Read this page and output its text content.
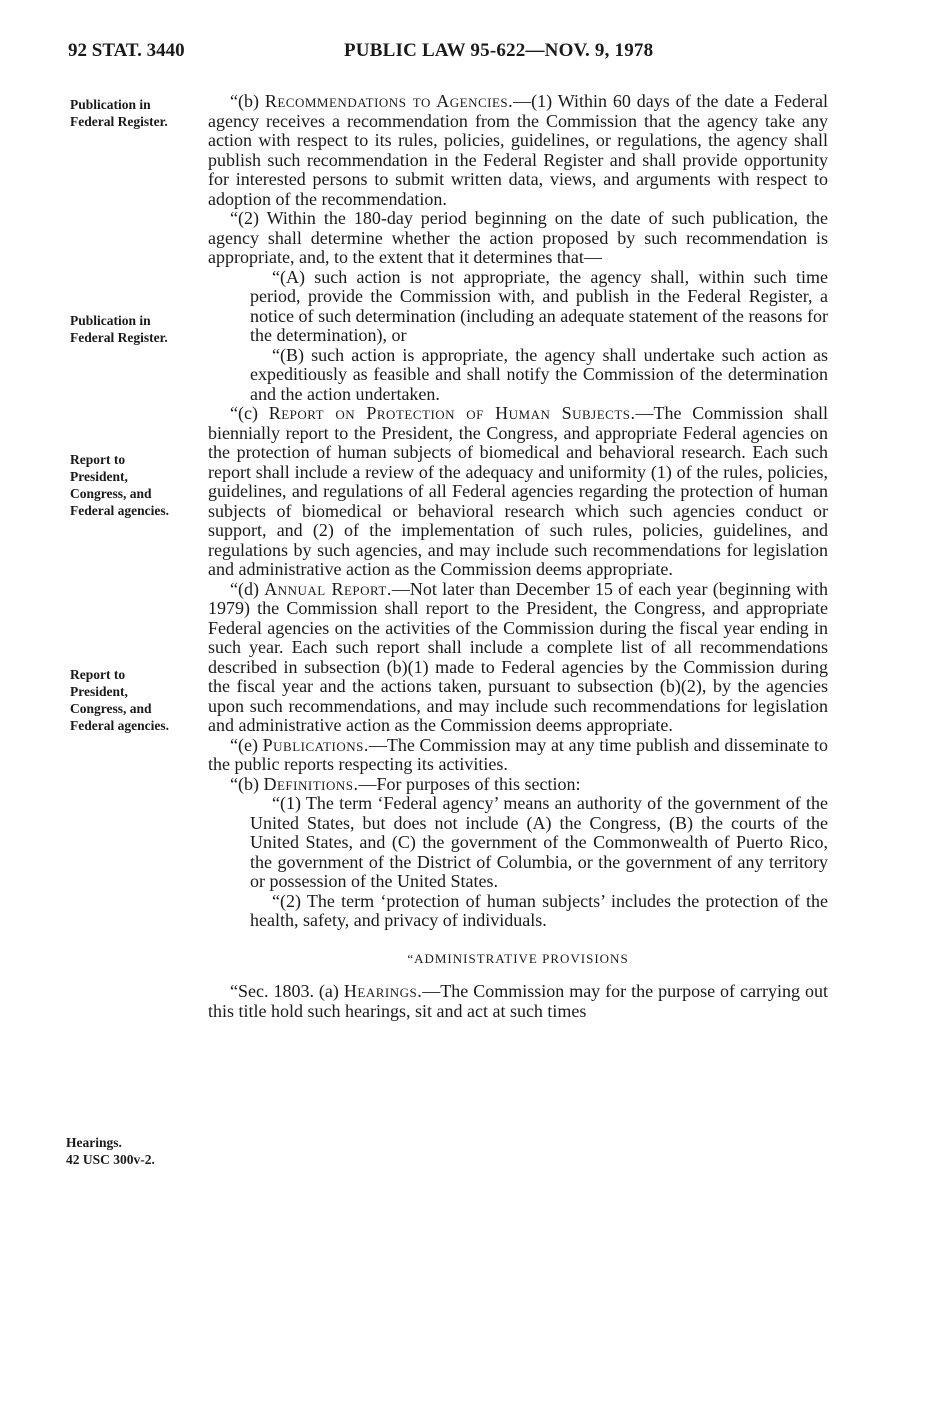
92 STAT. 3440	PUBLIC LAW 95-622—NOV. 9, 1978
Publication in
Federal Register.
Publication in
Federal Register.
Report to
President,
Congress, and
Federal agencies.
Report to
President,
Congress, and
Federal agencies.
Hearings.
42 USC 300v-2.

“(b) Recommendations to Agencies.—(1) Within 60 days of the date a Federal agency receives a recommendation from the Commission that the agency take any action with respect to its rules, policies, guidelines, or regulations, the agency shall publish such recommendation in the Federal Register and shall provide opportunity for interested persons to submit written data, views, and arguments with respect to adoption of the recommendation.

“(2) Within the 180-day period beginning on the date of such publication, the agency shall determine whether the action proposed by such recommendation is appropriate, and, to the extent that it determines that—

“(A) such action is not appropriate, the agency shall, within such time period, provide the Commission with, and publish in the Federal Register, a notice of such determination (including an adequate statement of the reasons for the determination), or

“(B) such action is appropriate, the agency shall undertake such action as expeditiously as feasible and shall notify the Commission of the determination and the action undertaken.

“(c) Report on Protection of Human Subjects.—The Commission shall biennially report to the President, the Congress, and appropriate Federal agencies on the protection of human subjects of biomedical and behavioral research. Each such report shall include a review of the adequacy and uniformity (1) of the rules, policies, guidelines, and regulations of all Federal agencies regarding the protection of human subjects of biomedical or behavioral research which such agencies conduct or support, and (2) of the implementation of such rules, policies, guidelines, and regulations by such agencies, and may include such recommendations for legislation and administrative action as the Commission deems appropriate.

“(d) Annual Report.—Not later than December 15 of each year (beginning with 1979) the Commission shall report to the President, the Congress, and appropriate Federal agencies on the activities of the Commission during the fiscal year ending in such year. Each such report shall include a complete list of all recommendations described in subsection (b)(1) made to Federal agencies by the Commission during the fiscal year and the actions taken, pursuant to subsection (b)(2), by the agencies upon such recommendations, and may include such recommendations for legislation and administrative action as the Commission deems appropriate.

“(e) Publications.—The Commission may at any time publish and disseminate to the public reports respecting its activities.

“(b) Definitions.—For purposes of this section:

“(1) The term ‘Federal agency’ means an authority of the government of the United States, but does not include (A) the Congress, (B) the courts of the United States, and (C) the government of the Commonwealth of Puerto Rico, the government of the District of Columbia, or the government of any territory or possession of the United States.

“(2) The term ‘protection of human subjects’ includes the protection of the health, safety, and privacy of individuals.

“ADMINISTRATIVE PROVISIONS

“Sec. 1803. (a) Hearings.—The Commission may for the purpose of carrying out this title hold such hearings, sit and act at such times
